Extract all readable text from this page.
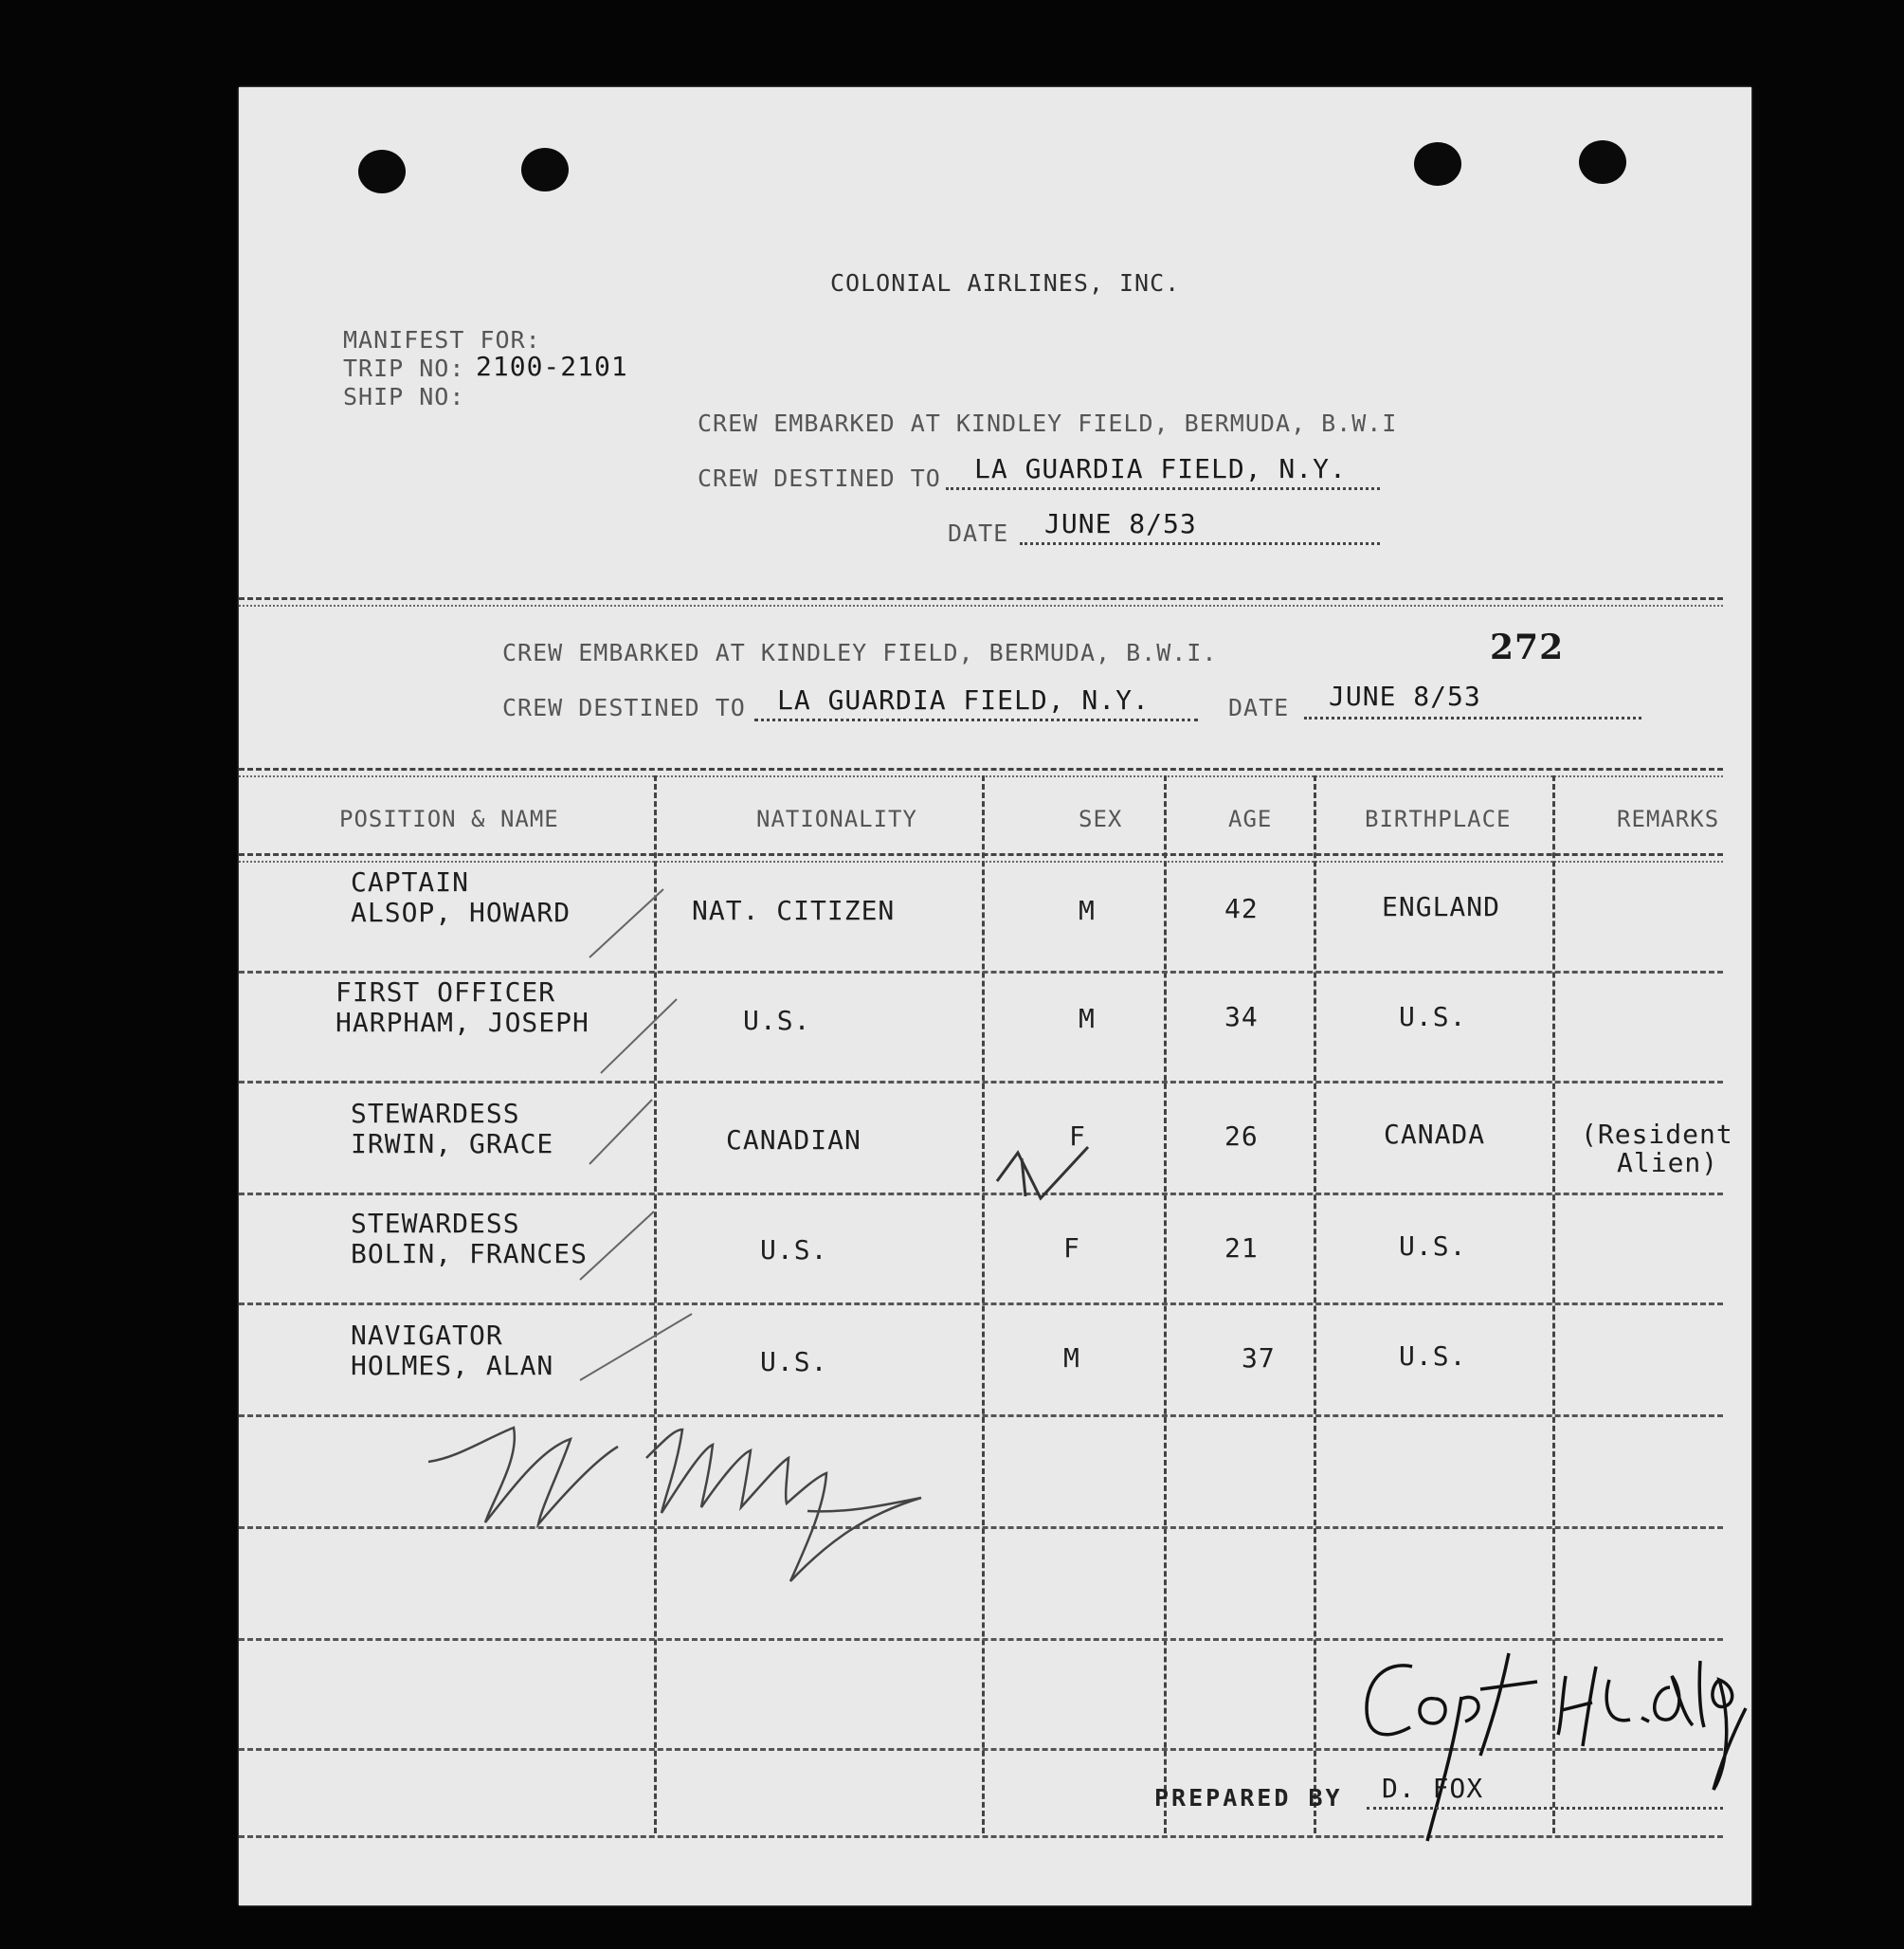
COLONIAL AIRLINES, INC.
MANIFEST FOR:
TRIP NO: 2100-2101
SHIP NO:
CREW EMBARKED AT KINDLEY FIELD, BERMUDA, B.W.I
CREW DESTINED TO LA GUARDIA FIELD, N.Y.
DATE JUNE 8/53
CREW EMBARKED AT KINDLEY FIELD, BERMUDA, B.W.I.	272
CREW DESTINED TO LA GUARDIA FIELD, N.Y.	DATE JUNE 8/53
POSITION & NAME	NATIONALITY	SEX	AGE	BIRTHPLACE	REMARKS
CAPTAIN
ALSOP, HOWARD	NAT. CITIZEN	M	42	ENGLAND
FIRST OFFICER
HARPHAM, JOSEPH	U.S.	M	34	U.S.
STEWARDESS
IRWIN, GRACE	CANADIAN	F	26	CANADA	(Resident
Alien)
STEWARDESS
BOLIN, FRANCES	U.S.	F	21	U.S.
NAVIGATOR
HOLMES, ALAN	U.S.	M	37	U.S.
PREPARED BY D. FOX
